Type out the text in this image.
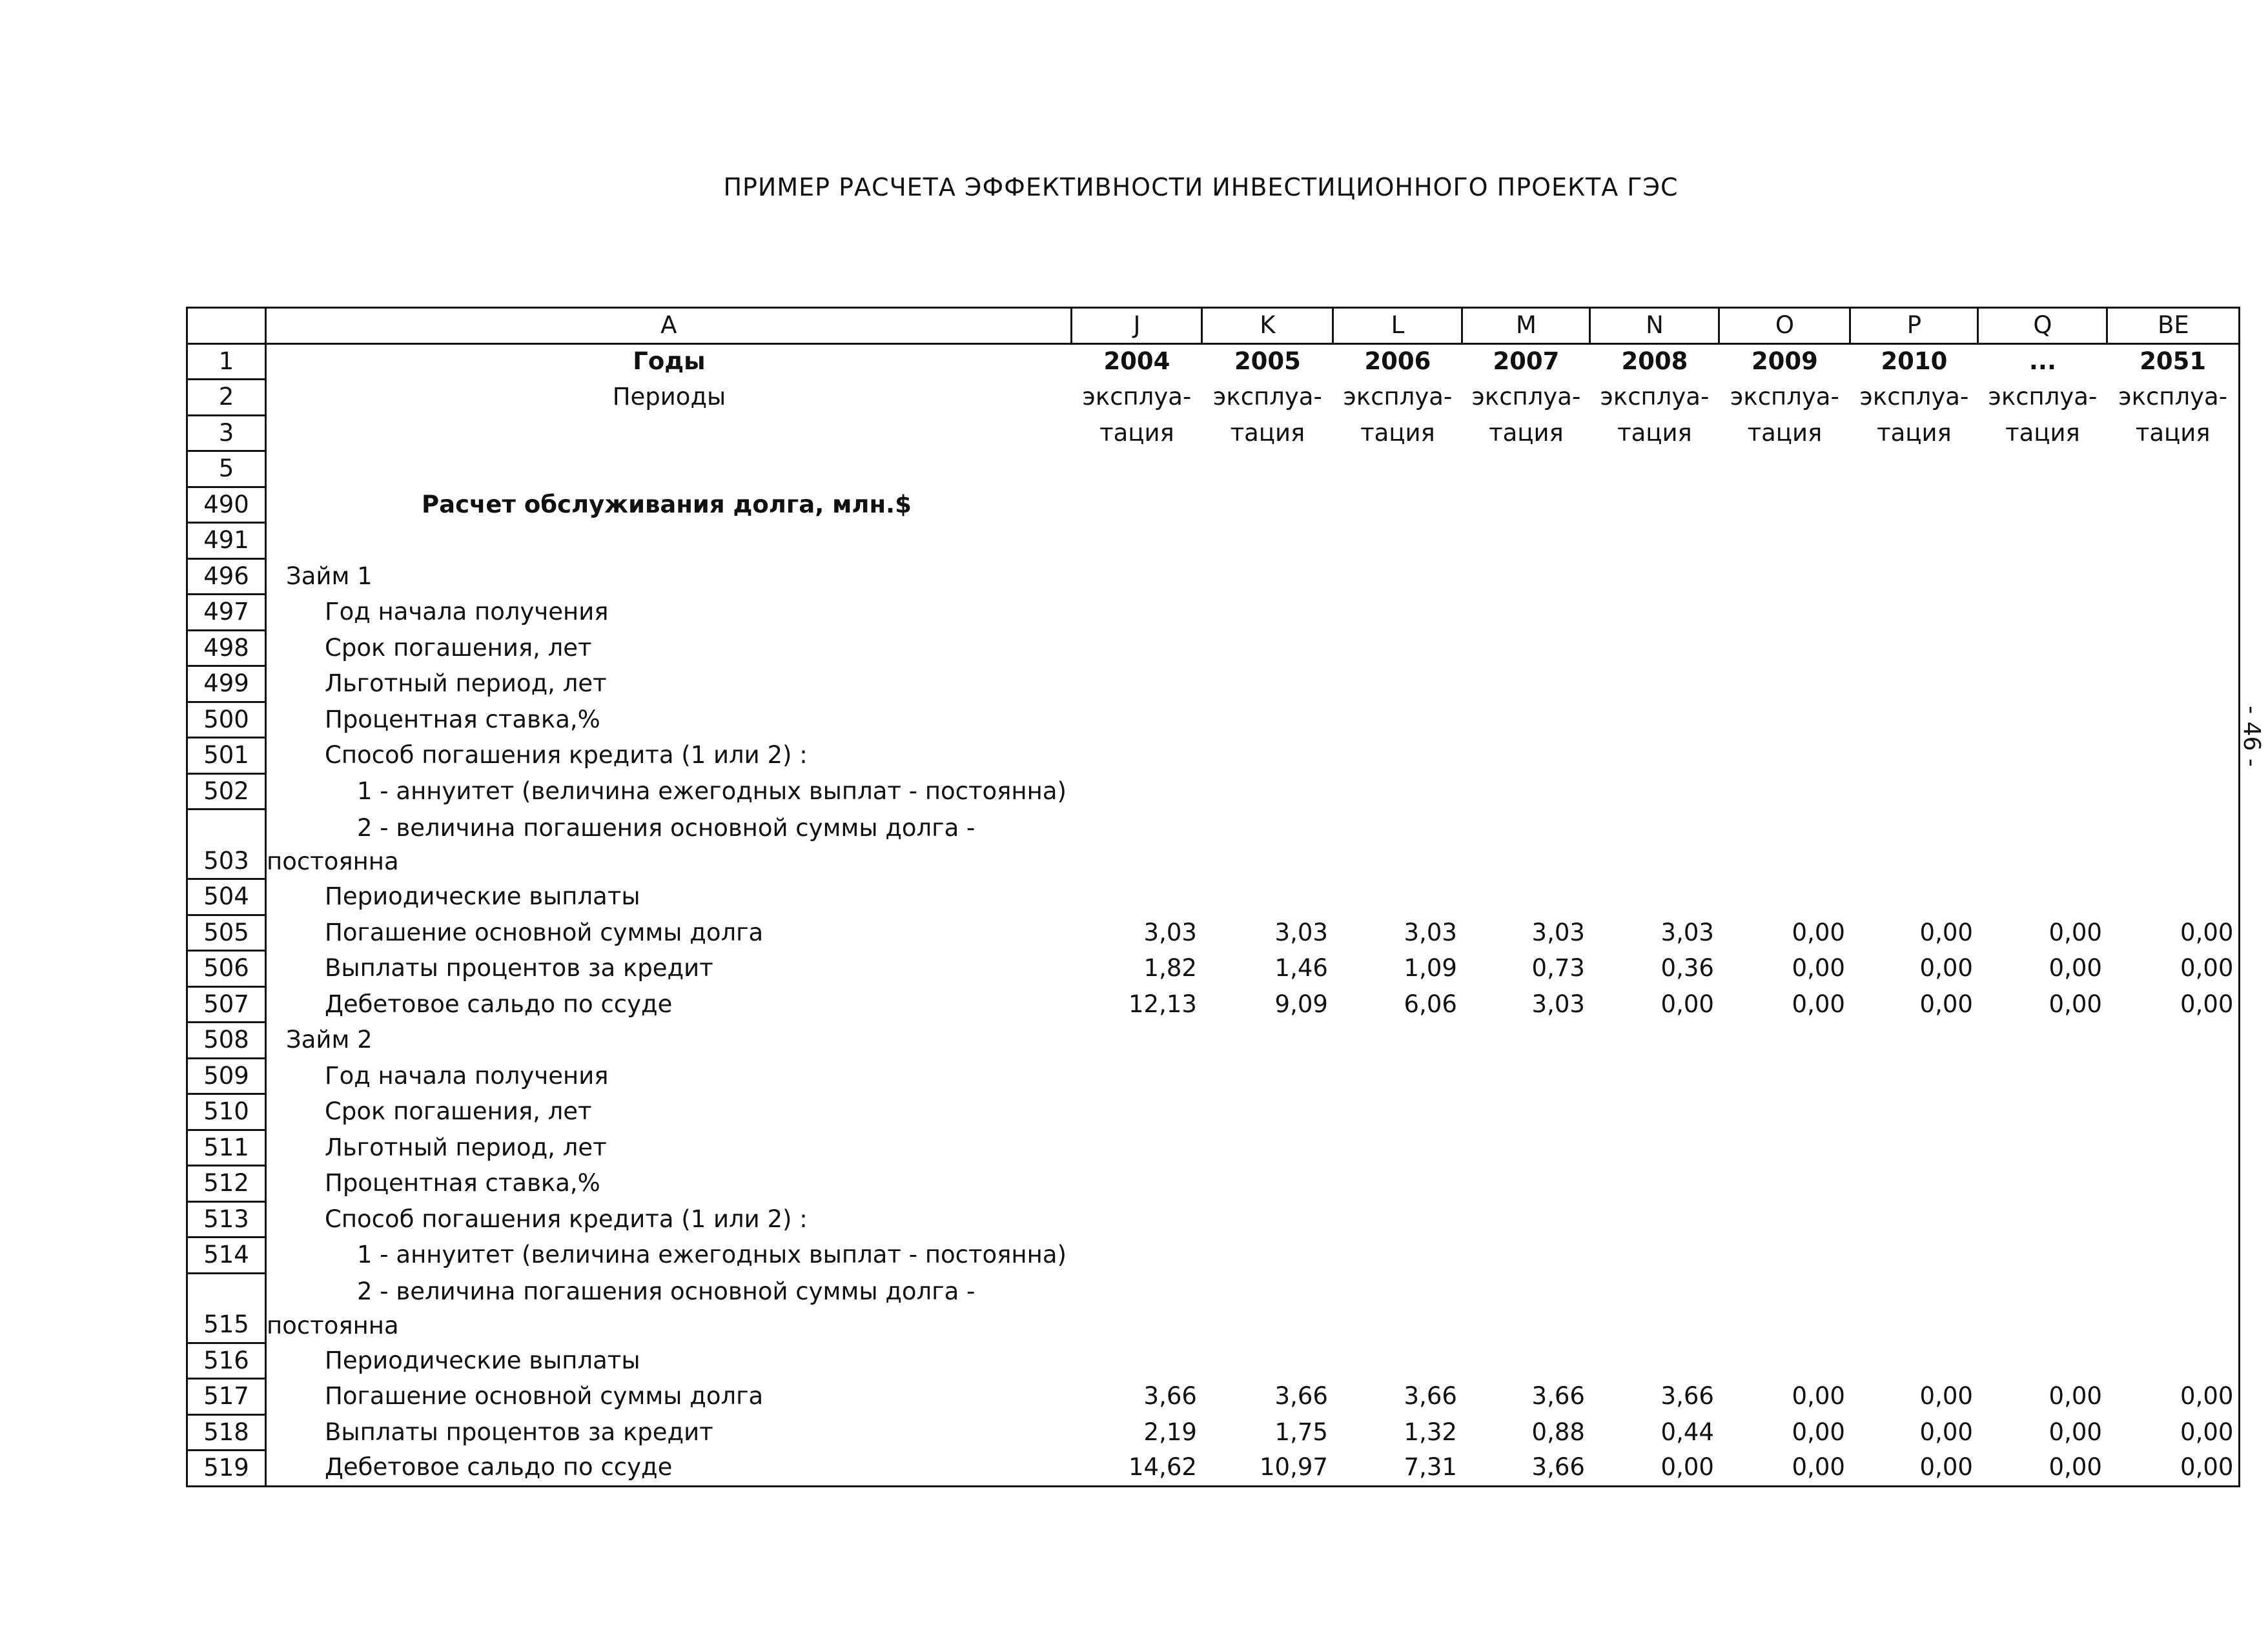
ПРИМЕР РАСЧЕТА ЭФФЕКТИВНОСТИ ИНВЕСТИЦИОННОГО ПРОЕКТА ГЭС
- 46 -
	A	J	K	L	M	N	O	P	Q	BE
1	Годы	2004	2005	2006	2007	2008	2009	2010	...	2051
2	Периоды	эксплуа-	эксплуа-	эксплуа-	эксплуа-	эксплуа-	эксплуа-	эксплуа-	эксплуа-	эксплуа-
3		тация	тация	тация	тация	тация	тация	тация	тация	тация
5										
490	Расчет обслуживания долга, млн.$									
491										
496	Займ 1									
497	Год начала получения									
498	Срок погашения, лет									
499	Льготный период, лет									
500	Процентная ставка,%									
501	Способ погашения кредита (1 или 2) :									
502	1 - аннуитет (величина ежегодных выплат - постоянна)									
503	2 - величина погашения основной суммы долга -
постоянна									

504	Периодические выплаты									
505	Погашение основной суммы долга	3,03	3,03	3,03	3,03	3,03	0,00	0,00	0,00	0,00
506	Выплаты процентов за кредит	1,82	1,46	1,09	0,73	0,36	0,00	0,00	0,00	0,00
507	Дебетовое сальдо по ссуде	12,13	9,09	6,06	3,03	0,00	0,00	0,00	0,00	0,00
508	Займ 2									
509	Год начала получения									
510	Срок погашения, лет									
511	Льготный период, лет									
512	Процентная ставка,%									
513	Способ погашения кредита (1 или 2) :									
514	1 - аннуитет (величина ежегодных выплат - постоянна)									
515	2 - величина погашения основной суммы долга -
постоянна									

516	Периодические выплаты									
517	Погашение основной суммы долга	3,66	3,66	3,66	3,66	3,66	0,00	0,00	0,00	0,00
518	Выплаты процентов за кредит	2,19	1,75	1,32	0,88	0,44	0,00	0,00	0,00	0,00
519	Дебетовое сальдо по ссуде	14,62	10,97	7,31	3,66	0,00	0,00	0,00	0,00	0,00
